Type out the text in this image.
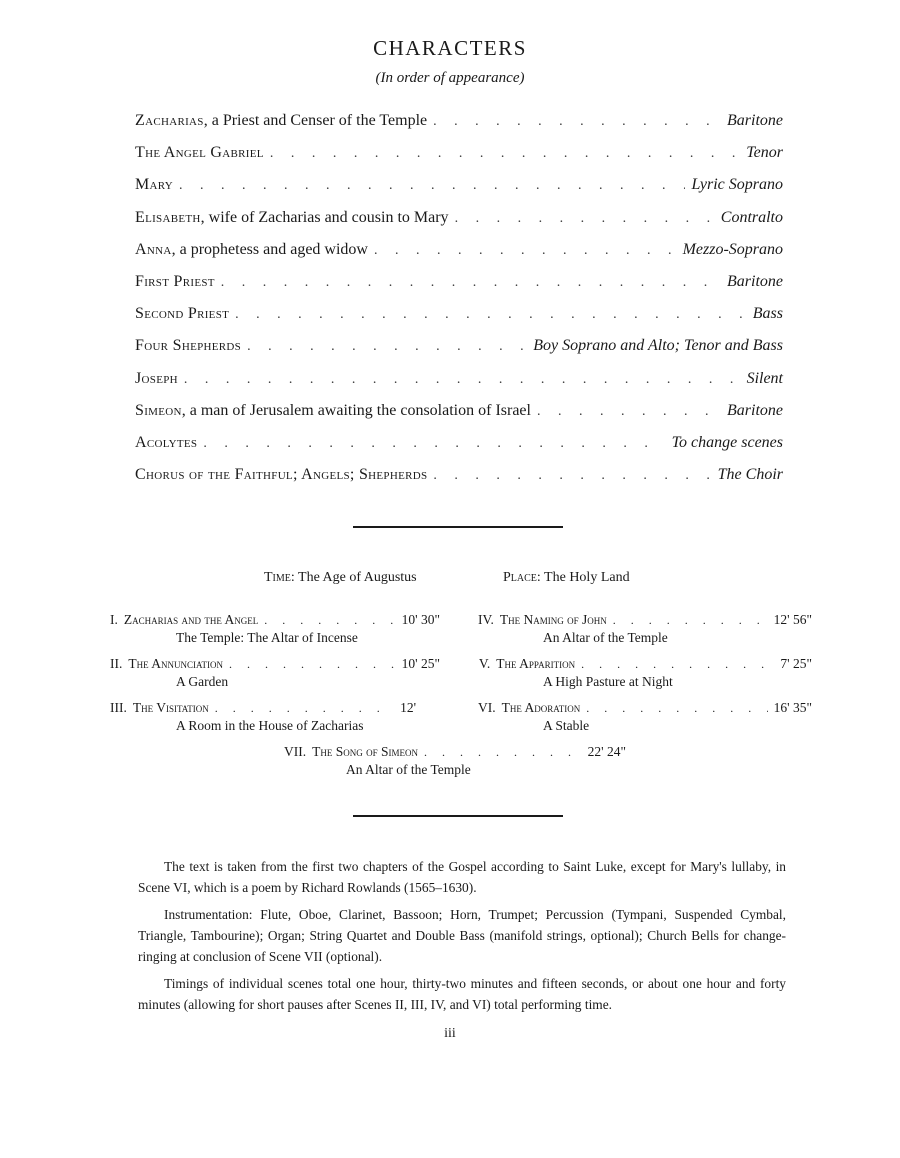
CHARACTERS
(In order of appearance)
Zacharias , a Priest and Censer of the Temple . . .	Baritone
The Angel Gabriel . . .	Tenor
Mary . . .	Lyric Soprano
Elisabeth , wife of Zacharias and cousin to Mary . . .	Contralto
Anna , a prophetess and aged widow . . .	Mezzo-Soprano
First Priest . . .	Baritone
Second Priest . . .	Bass
Four Shepherds . . .	Boy Soprano and Alto; Tenor and Bass
Joseph . . .	Silent
Simeon , a man of Jerusalem awaiting the consolation of Israel . . .	Baritone
Acolytes . . .	To change scenes
Chorus of the Faithful; Angels; Shepherds . . .	The Choir
Time: The Age of Augustus	Place: The Holy Land
I. Zacharias and the Angel . . .	10' 30"
The Temple: The Altar of Incense
II. The Annunciation . . .	10' 25"
A Garden
III. The Visitation . . .	12'
A Room in the House of Zacharias
IV. The Naming of John . . .	12' 56"
An Altar of the Temple
V. The Apparition . . .	7' 25"
A High Pasture at Night
VI. The Adoration . . .	16' 35"
A Stable
VII. The Song of Simeon . . .	22' 24"
An Altar of the Temple

The text is taken from the first two chapters of the Gospel according to Saint Luke, except for Mary's lullaby, in Scene VI, which is a poem by Richard Rowlands (1565–1630).

Instrumentation: Flute, Oboe, Clarinet, Bassoon; Horn, Trumpet; Percussion (Tympani, Suspended Cymbal, Triangle, Tambourine); Organ; String Quartet and Double Bass (manifold strings, optional); Church Bells for change-ringing at conclusion of Scene VII (optional).

Timings of individual scenes total one hour, thirty-two minutes and fifteen seconds, or about one hour and forty minutes (allowing for short pauses after Scenes II, III, IV, and VI) total performing time.

iii
